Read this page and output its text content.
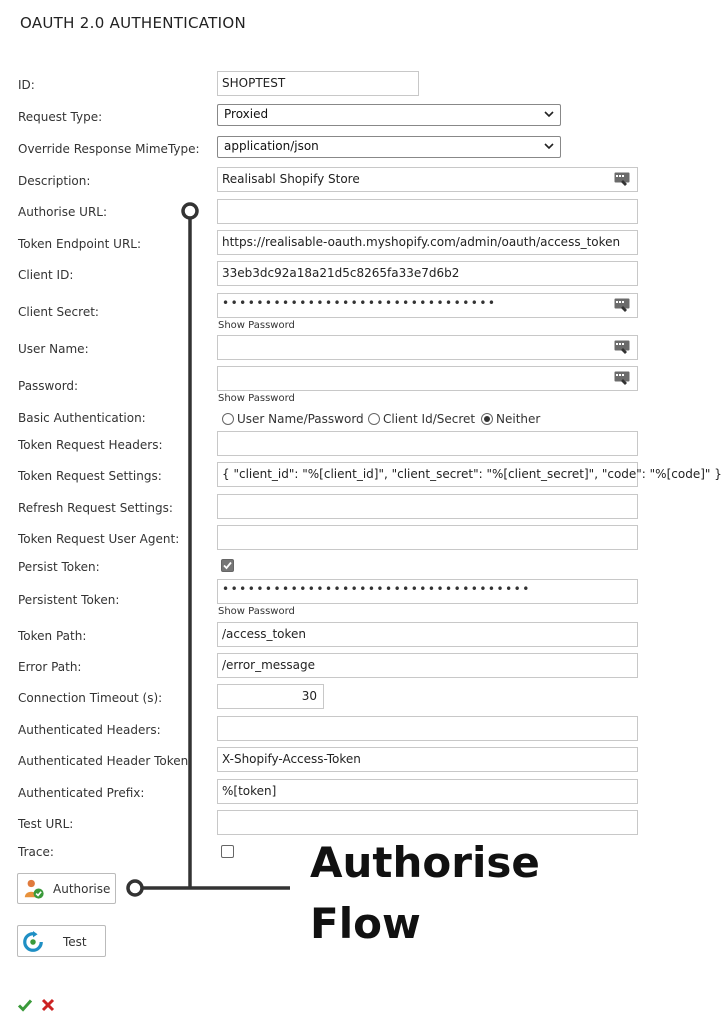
OAUTH 2.0 AUTHENTICATION
ID:
Request Type:
Override Response MimeType:
Description:
Authorise URL:
Token Endpoint URL:
Client ID:
Client Secret:
User Name:
Password:
Basic Authentication:
Token Request Headers:
Token Request Settings:
Refresh Request Settings:
Token Request User Agent:
Persist Token:
Persistent Token:
Token Path:
Error Path:
Connection Timeout (s):
Authenticated Headers:
Authenticated Header Token:
Authenticated Prefix:
Test URL:
Trace:
SHOPTEST
Proxied
application/json
Realisabl Shopify Store
https://realisable-oauth.myshopify.com/admin/oauth/access_token
33eb3dc92a18a21d5c8265fa33e7d6b2
••••••••••••••••••••••••••••••••
Show Password
Show Password
User Name/Password Client Id/Secret Neither
{ "client_id": "%[client_id]", "client_secret": "%[client_secret]", "code": "%[code]" }
••••••••••••••••••••••••••••••••••••
Show Password
/access_token
/error_message
30
X-Shopify-Access-Token
%[token]
Authorise
Test
Authorise
Flow
